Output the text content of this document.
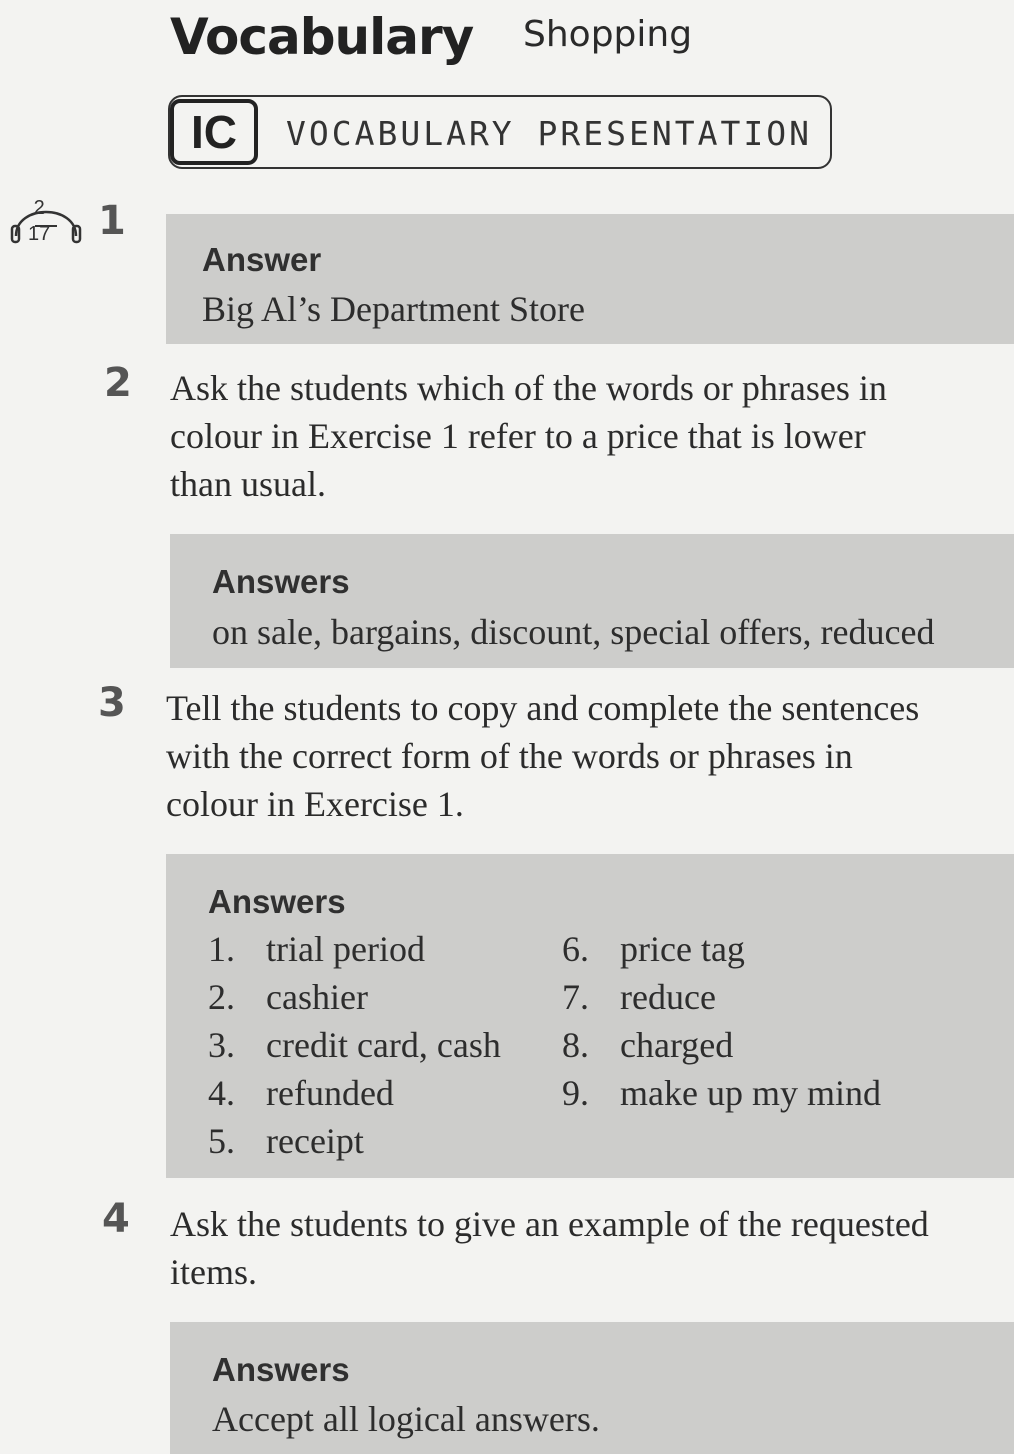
Vocabulary Shopping
IC	VOCABULARY PRESENTATION
2
17 1
Answer
Big Al’s Department Store
2 Ask the students which of the words or phrases in
colour in Exercise 1 refer to a price that is lower
than usual.
Answers
on sale, bargains, discount, special offers, reduced
3 Tell the students to copy and complete the sentences
with the correct form of the words or phrases in
colour in Exercise 1.
Answers
1. trial period
2. cashier
3. credit card, cash
4. refunded
5. receipt
6. price tag
7. reduce
8. charged
9. make up my mind
4 Ask the students to give an example of the requested
items.
Answers
Accept all logical answers.
